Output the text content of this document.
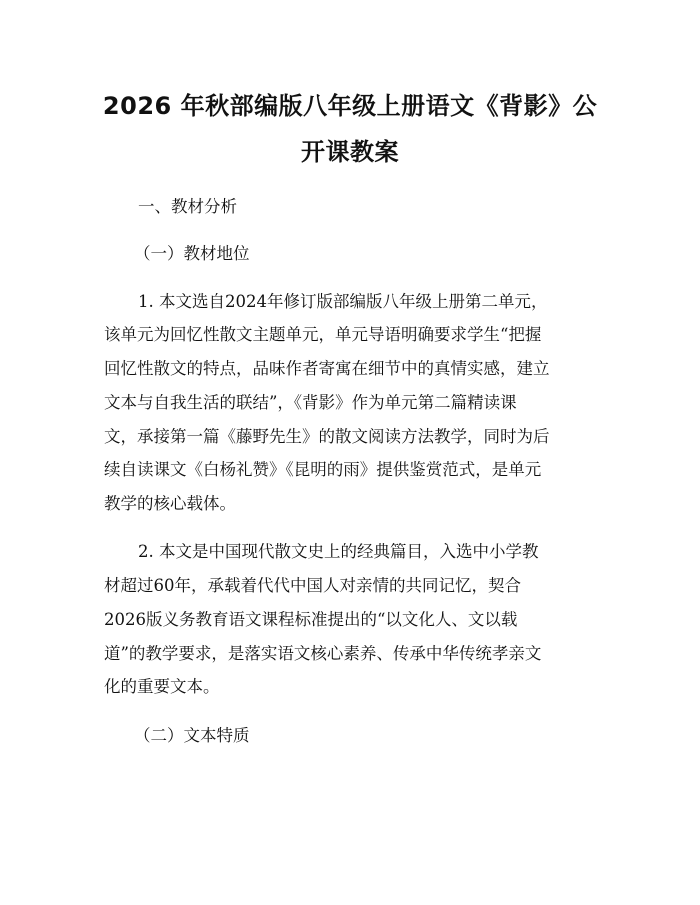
2026 年秋部编版八年级上册语文《背影》公
开课教案

一、教材分析

（一）教材地位

1. 本文选自2024年修订版部编版八年级上册第二单元，

该单元为回忆性散文主题单元，单元导语明确要求学生“把握

回忆性散文的特点，品味作者寄寓在细节中的真情实感，建立

文本与自我生活的联结”，《背影》作为单元第二篇精读课

文，承接第一篇《藤野先生》的散文阅读方法教学，同时为后

续自读课文《白杨礼赞》《昆明的雨》提供鉴赏范式，是单元

教学的核心载体。

2. 本文是中国现代散文史上的经典篇目，入选中小学教

材超过60年，承载着代代中国人对亲情的共同记忆，契合

2026版义务教育语文课程标准提出的“以文化人、文以载

道”的教学要求，是落实语文核心素养、传承中华传统孝亲文

化的重要文本。

（二）文本特质
